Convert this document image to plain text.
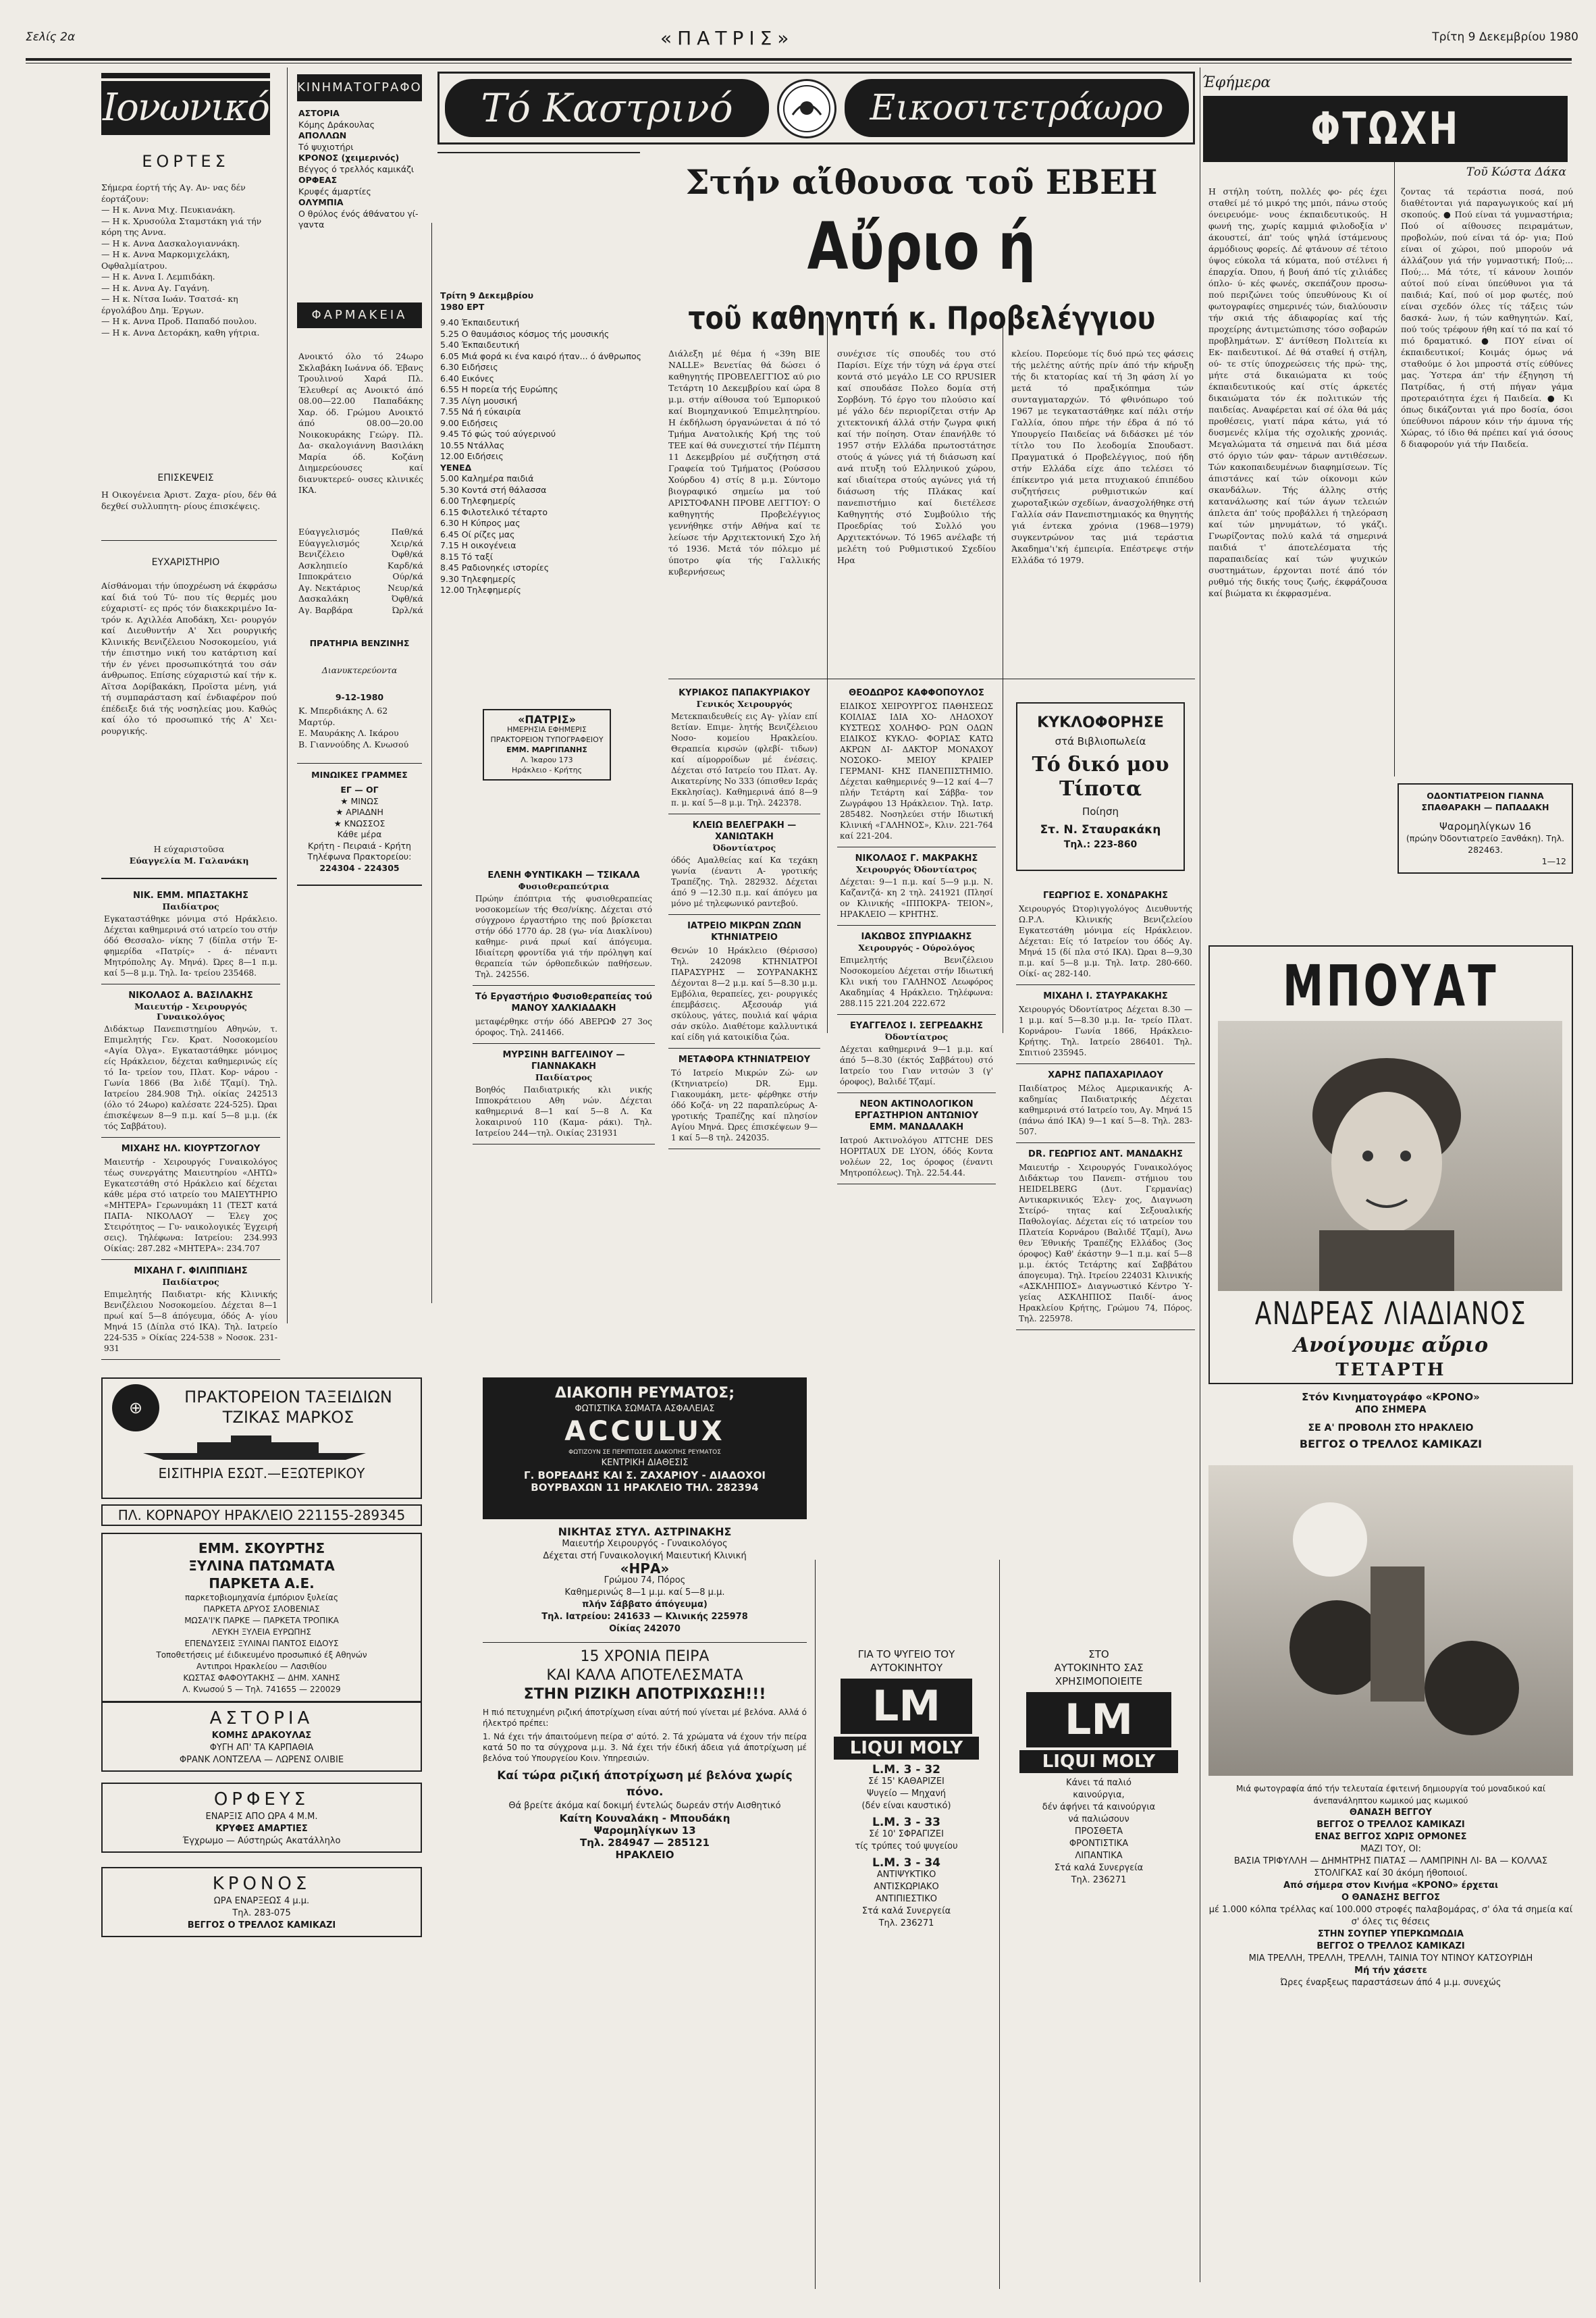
Σελίς 2α	«ΠΑΤΡΙΣ»	Τρίτη 9 Δεκεμβρίου 1980
Ιονωνικό
ΕΟΡΤΕΣ
Σήμερα έορτή τής Αγ. Αν- νας δέν έορτάζουν:
— Η κ. Αννα Μιχ. Πευκιανάκη.
— Η κ. Χρυσούλα Σταμστάκη γιά τήν κόρη της Αννα.
— Η κ. Αννα Δασκαλογιαννάκη.
— Η κ. Αννα Μαρκομιχελάκη, Οφθαλμίατρου.
— Η κ. Αννα Ι. Λεμπιδάκη.
— Η κ. Αννα Αγ. Γαγάνη.
— Η κ. Νίτσα Ιωάν. Τσατσά- κη έργολάβου Δημ. Έργων.
— Η κ. Αννα Προδ. Παπαδό πουλου.
— Η κ. Αννα Δετοράκη, καθη γήτρια.
ΕΠΙΣΚΕΨΕΙΣ
Η Οικογένεια Άριστ. Ζαχα- ρίου, δέν θά δεχθεί συλλυπητη- ρίους έπισκέψεις.
ΕΥΧΑΡΙΣΤΗΡΙΟ
Αίσθάνομαι τήν ύποχρέωση νά έκφράσω καί διά τού Τύ- που τίς θερμές μου εύχαριστί- ες πρός τόν διακεκριμένο Ια- τρόν κ. Αχιλλέα Αποδάκη, Χει- ρουργόν καί Διευθυντήν Α' Χει ρουργικής Κλινικής Βενιζέλειου Νοσοκομείου, γιά τήν έπιστημο νική του κατάρτιση καί τήν έν γένει προσωπικότητά του σάν άνθρωπος. Επίσης εύχαριστώ καί τήν κ. Αϊτσα Δορίβακάκη, Προϊστα μένη, γιά τή συμπαράσταση καί ένδιαφέρον πού έπέδειξε διά τής νοσηλείας μου. Καθώς καί όλο τό προσωπικό τής Α' Χει- ρουργικής.
Η εύχαριστοῦσα
Εύαγγελία Μ. Γαλανάκη
ΝΙΚ. ΕΜΜ. ΜΠΑΣΤΑΚΗΣ
Παιδίατρος
Εγκαταστάθηκε μόνιμα στό Ηράκλειο. Δέχεται καθημερινά στό ιατρείο του στήν όδό Θεσσαλο- νίκης 7 (δίπλα στήν Έ- φημερίδα «Πατρίς» - ά- πέναντι Μητρόπολης Αγ. Μηνά). Ώρες 8—1 π.μ. καί 5—8 μ.μ. Τηλ. Ια- τρείου 235468.
ΝΙΚΟΛΑΟΣ Α. ΒΑΣΙΛΑΚΗΣ
Μαιευτήρ - Χειρουργός Γυναικολόγος
Διδάκτωρ Πανεπιστημίου Αθηνών, τ. Επιμελητής Γεν. Κρατ. Νοσοκομείου «Αγία Όλγα». Εγκαταστάθηκε μόνιμος είς Ηράκλειον, δέχεται καθημερινώς είς τό Ια- τρείον του, Πλατ. Κορ- νάρου - Γωνία 1866 (Βα λιδέ Τζαμί). Τηλ. Ιατρείου 284.908 Τηλ. οίκίας 242513 (όλο τό 24ωρο) καλέσατε 224-525). Ώραι έπισκέψεων 8—9 π.μ. καί 5—8 μ.μ. (έκ τός Σαββάτου).
ΜΙΧΑΗΣ ΗΛ. ΚΙΟΥΡΤΖΟΓΛΟΥ
Μαιευτήρ - Χειρουργός Γυναικολόγος τέως συνεργάτης Μαιευτηρίου «ΛΗΤΩ» Εγκατεστάθη στό Ηράκλειο καί δέχεται κάθε μέρα στό ιατρείο του ΜΑΙΕΥΤΗΡΙΟ «ΜΗΤΕΡΑ» Γερωνυμάκη 11 (ΤΕΣΤ κατά ΠΑΠΑ- ΝΙΚΟΛΑΟΥ — Έλεγ χος Στειρότητος — Γυ- ναικολογικές Έγχειρή σεις). Τηλέφωνα: Ιατρείου: 234.993 Οίκίας: 287.282 «ΜΗΤΕΡΑ»: 234.707
ΜΙΧΑΗΛ Γ. ΦΙΛΙΠΠΙΔΗΣ
Παιδίατρος
Επιμελητής Παιδιατρι- κής Κλινικής Βενιζέλειου Νοσοκομείου. Δέχεται 8—1 πρωί καί 5—8 άπόγευμα, όδός Α- γίου Μηνά 15 (Δίπλα στό ΙΚΑ). Τηλ. Ιατρείο 224-535 » Οίκίας 224-538 » Νοσοκ. 231-931
ΚΙΝΗΜΑΤΟΓΡΑΦΟΙ
ΑΣΤΟΡΙΑ
Κόμης Δράκουλας
ΑΠΟΛΛΩΝ
Τό ψυχιοτήρι
ΚΡΟΝΟΣ (χειμερινός)
Βέγγος ό τρελλός καμικάζι
ΟΡΦΕΑΣ
Κρυφές άμαρτίες
ΟΛΥΜΠΙΑ
Ο θρύλος ένός άθάνατου γί- γαντα
ΦΑΡΜΑΚΕΙΑ
Ανοικτό όλο τό 24ωρο Σκλαβάκη Ιωάννα όδ. Έβανς Τρουλινού Χαρά Πλ. Έλευθερί ας Ανοικτό άπό 08.00—22.00 Παπαδάκης Χαρ. όδ. Γρώμου Ανοικτό άπό 08.00—20.00 Νοικοκυράκης Γεώργ. Πλ. Δα- σκαλογιάννη Βασιλάκη Μαρία όδ. Κοζάνη Διημερεύουσες καί διανυκτερεύ- ουσες κλινικές ΙΚΑ.
Εύαγγελισμός	Παθ/κά
Εύαγγελισμός	Χειρ/κά
Βενιζέλειο	Όφθ/κά
Ασκληπιείο	Καρδ/κά
Ιπποκράτειο	Ούρ/κά
Αγ. Νεκτάριος	Νευρ/κά
Δασκαλάκη	Όφθ/κά
Αγ. Βαρβάρα	Ώρλ/κά
ΠΡΑΤΗΡΙΑ ΒΕΝΖΙΝΗΣ
Διανυκτερεύοντα
9-12-1980
Κ. Μπερδιάκης Λ. 62 Μαρτύρ.
Ε. Μαυράκης Λ. Ικάρου
Β. Γιαννούδης Λ. Κνωσού
ΜΙΝΩΙΚΕΣ ΓΡΑΜΜΕΣ
ΕΓ — ΟΓ
★ ΜΙΝΩΣ
★ ΑΡΙΑΔΝΗ
★ ΚΝΩΣΣΟΣ
Κάθε μέρα
Κρήτη - Πειραιά - Κρήτη
Τηλέφωνα Πρακτορείου:
224304 - 224305
Τό Καστρινό	Εικοσιτετράωρο
Στήν αἴθουσα τοῦ ΕΒΕΗ
Αὔριο ή
τοῦ καθηγητή κ. Προβελέγγιου
Τρίτη 9 Δεκεμβρίου 1980 ΕΡΤ
9.40 Έκπαιδευτική
5.25 Ο θαυμάσιος κόσμος τής μουσικής
5.40 Έκπαιδευτική
6.05 Μιά φορά κι ένα καιρό ήταν... ό άνθρωπος
6.30 Ειδήσεις
6.40 Εικόνες
6.55 Η πορεία τής Ευρώπης
7.35 Λίγη μουσική
7.55 Νά ή εύκαιρία
9.00 Ειδήσεις
9.45 Τό φώς τού αύγερινού
10.55 Ντάλλας
12.00 Ειδήσεις
ΥΕΝΕΔ
5.00 Καλημέρα παιδιά
5.30 Κοντά στή θάλασσα
6.00 Τηλεφημερίς
6.15 Φιλοτελικό τέταρτο
6.30 Η Κύπρος μας
6.45 Οί ρίζες μας
7.15 Η οικογένεια
8.15 Τό ταξί
8.45 Ραδιονηκές ιστορίες
9.30 Τηλεφημερίς
12.00 Τηλεφημερίς
Διάλεξη μέ θέμα ή «39η ΒΙΕ ΝΑLLE» Βενετίας θά δώσει ό καθηγητής ΠΡΟΒΕΛΕΓΓΙΟΣ αύ ριο Τετάρτη 10 Δεκεμβρίου καί ώρα 8 μ.μ. στήν αίθουσα τού Έμπορικού καί Βιομηχανικού Έπιμελητηρίου. Η έκδήλωση όργανώνεται ά πό τό Τμήμα Ανατολικής Κρή της τού ΤΕΕ καί θά συνεχιστεί τήν Πέμπτη 11 Δεκεμβρίου μέ συζήτηση στά Γραφεία τού Τμήματος (Ρούσσου Χούρδου 4) στίς 8 μ.μ. Σύντομο βιογραφικό σημείω μα τού ΑΡΙΣΤΟΦΑΝΗ ΠΡΟΒΕ ΛΕΓΓΙΟΥ: Ο καθηγητής Προβελέγγιος γεννήθηκε στήν Αθήνα καί τε λείωσε τήν Αρχιτεκτονική Σχο λή τό 1936. Μετά τόν πόλεμο μέ ύποτρο φία τής Γαλλικής κυβερνήσεως
συνέχισε τίς σπουδές του στό Παρίσι. Είχε τήν τύχη νά έργα στεί κοντά στό μεγάλο LE CO RPUSIER καί σπουδάσε Πολεο δομία στή Σορβόνη. Τό έργο του πλούσιο καί μέ γάλο δέν περιορίζεται στήν Αρ χιτεκτονική άλλά στήν ζωγρα φική καί τήν ποίηση. Οταν έπανήλθε τό 1957 στήν Ελλάδα πρωτοστάτησε στούς ά γώνες γιά τή διάσωση καί ανά πτυξη τού Ελληνικού χώρου, καί ιδιαίτερα στούς αγώνες γιά τή διάσωση τής Πλάκας καί πανεπιστήμιο καί διετέλεσε Καθηγητής στό Συμβούλιο τής Προεδρίας τού Συλλό γου Αρχιτεκτόνων. Τό 1965 ανέλαβε τή μελέτη τού Ρυθμιστικού Σχεδίου Ηρα
κλείου. Πορεύομε τίς δυό πρώ τες φάσεις τής μελέτης αύτής πρίν άπό τήν κήρυξη τής δι κτατορίας καί τή 3η φάση λί γο μετά τό πραξικόπημα τών συνταγματαρχών. Τό φθινόπωρο τού 1967 με τεγκαταστάθηκε καί πάλι στήν Γαλλία, όπου πήρε τήν έδρα ά πό τό Υπουργείο Παιδείας νά διδάσκει μέ τόν τίτλο του Πο λεοδομία Σπουδαστ. Πραγματικά ό Προβελέγγιος, πού ήδη στήν Ελλάδα είχε άπο τελέσει τό έπίκεντρο γιά μετα πτυχιακού έπιπέδου συζητήσεις ρυθμιστικών καί χωροταξικών σχεδίων, άνασχολήθηκε στή Γαλλία σάν Πανεπιστημιακός κα θηγητής γιά έντεκα χρόνια (1968—1979) συγκεντρώνον τας μιά τεράστια Άκαδημα'ι'κή έμπειρία. Επέστρεψε στήν Ελλάδα τό 1979.
«ΠΑΤΡΙΣ»
ΗΜΕΡΗΣΙΑ ΕΦΗΜΕΡΙΣ
ΠΡΑΚΤΟΡΕΙΟΝ ΤΥΠΟΓΡΑΦΕΙΟΥ
ΕΜΜ. ΜΑΡΓΙΠΑΝΗΣ
Λ. Ίκαρου 173
Ηράκλειο - Κρήτης
ΚΥΡΙΑΚΟΣ ΠΑΠΑΚΥΡΙΑΚΟΥ
Γενικός Χειρουργός
Μετεκπαιδευθείς εις Αγ- γλίαν επί 8ετίαν. Επιμε- λητής Βενιζέλειου Νοσο- κομείου Ηρακλείου. Θεραπεία κιρσών (φλεβί- τιδων) καί αίμορροίδων μέ ένέσεις. Δέχεται στό Ιατρείο του Πλατ. Αγ. Αικατερίνης Νο 333 (όπισθεν Ιεράς Εκκλησίας). Καθημερινά άπό 8—9 π. μ. καί 5—8 μ.μ. Τηλ. 242378.
ΚΛΕΙΩ ΒΕΛΕΓΡΑΚΗ —ΧΑΝΙΩΤΑΚΗ
Όδοντίατρος
όδός Αμαλθείας καί Κα τεχάκη γωνία (έναντι Α- γροτικής Τραπέζης. Τηλ. 282932. Δέχεται άπό 9 —12.30 π.μ. καί άπόγευ μα μόνο μέ τηλεφωνικό ραντεβού.
ΙΑΤΡΕΙΟ ΜΙΚΡΩΝ ΖΩΩΝ ΚΤΗΝΙΑΤΡΕΙΟ
Θενών 10 Ηράκλειο (Θέρισσο) Τηλ. 242098 ΚΤΗΝΙΑΤΡΟΙ ΠΑΡΑΣΥΡΗΣ — ΣΟΥΡΑΝΑΚΗΣ Δέχονται 8—2 μ.μ. καί 5—8.30 μ.μ. Εμβόλια, θεραπείες, χει- ρουργικές έπεμβάσεις. Αξεσουάρ γιά σκύλους, γάτες, πουλιά καί ψάρια σάν σκύλο. Διαθέτομε καλλυντικά καί είδη γιά κατοικίδια ζώα.
ΜΕΤΑΦΟΡΑ ΚΤΗΝΙΑΤΡΕΙΟΥ
Τό Ιατρείο Μικρών Ζώ- ων (Κτηνιατρείο) DR. Εμμ. Γιακουμάκη, μετε- φέρθηκε στήν όδό Κοζά- νη 22 παραπλεύρως Α- γροτικής Τραπέζης καί πλησίον Αγίου Μηνά. Ώρες έπισκέψεων 9—1 καί 5—8 τηλ. 242035.
ΘΕΟΔΩΡΟΣ ΚΑΦΦΟΠΟΥΛΟΣ
ΕΙΔΙΚΟΣ ΧΕΙΡΟΥΡΓΟΣ ΠΑΘΗΣΕΩΣ ΚΟΙΛΙΑΣ ΙΔΙΑ ΧΟ- ΛΗΔΟΧΟΥ ΚΥΣΤΕΩΣ ΧΟΛΗΦΟ- ΡΩΝ ΟΔΩΝ ΕΙΔΙΚΟΣ ΚΥΚΛΟ- ΦΟΡΙΑΣ ΚΑΤΩ ΑΚΡΩΝ ΔΙ- ΔΑΚΤΟΡ ΜΟΝΑΧΟΥ ΝΟΣΟΚΟ- ΜΕΙΟΥ ΚΡΑΙΕΡ ΓΕΡΜΑΝΙ- ΚΗΣ ΠΑΝΕΠΙΣΤΗΜΙΟ. Δέχεται καθημερινές 9—12 καί 4—7 πλήν Τετάρτη καί Σάββα- τον Ζωγράφου 13 Ηράκλειον. Τηλ. Ιατρ. 285482. Νοσηλεύει στήν Ιδιωτική Κλινική «ΓΑΛΗΝΟΣ», Κλιν. 221-764 καί 221-204.
ΝΙΚΟΛΑΟΣ Γ. ΜΑΚΡΑΚΗΣ
Χειρουργός Όδοντίατρος
Δέχεται: 9—1 π.μ. καί 5—9 μ.μ. Ν. Καζαντζά- κη 2 τηλ. 241921 (Πλησί ον Κλινικής «ΙΠΠΟΚΡΑ- ΤΕΙΟΝ», ΗΡΑΚΛΕΙΟ — ΚΡΗΤΗΣ.
ΙΑΚΩΒΟΣ ΣΠΥΡΙΔΑΚΗΣ
Χειρουργός - Ούρολόγος
Επιμελητής Βενιζέλειου Νοσοκομείου Δέχεται στήν Ιδιωτική Κλι νική του ΓΑΛΗΝΟΣ Λεωφόρος Ακαδημίας 4 Ηράκλειο. Τηλέφωνα: 288.115 221.204 222.672
ΕΥΑΓΓΕΛΟΣ Ι. ΣΕΓΡΕΔΑΚΗΣ
Όδοντίατρος
Δέχεται καθημερινά 9—1 μ.μ. καί άπό 5—8.30 (έκτός Σαββάτου) στό Ιατρείο του Γιαν νιτσών 3 (γ' όροφος), Βαλιδέ Τζαμί.
ΝΕΟΝ ΑΚΤΙΝΟΛΟΓΙΚΟΝ ΕΡΓΑΣΤΗΡΙΟΝ ΑΝΤΩΝΙΟΥ ΕΜΜ. ΜΑΝΔΑΛΑΚΗ
Ιατρού Ακτινολόγου ATTCHE DES HOPITAUX DE LYON, όδός Κοντα νολέων 22, 1ος όροφος (έναντι Μητροπόλεως). Τηλ. 22.54.44.
ΕΛΕΝΗ ΦΥΝΤΙΚΑΚΗ — ΤΣΙΚΑΛΑ
Φυσιοθεραπεύτρια
Πρώην έπόπτρια τής φυσιοθεραπείας νοσοκομείων τής Θεσ/νίκης. Δέχεται στό σύγχρονο έργαστήριο της πού βρίσκεται στήν όδό 1770 άρ. 28 (γω- νία Διακλίνου) καθημε- ρινά πρωί καί άπόγευμα. Ιδιαίτερη φροντίδα γιά τήν πρόληψη καί θεραπεία τών όρθοπεδικών παθήσεων. Τηλ. 242556.
Τό Εργαστήριο Φυσιοθεραπείας τού ΜΑΝΟΥ ΧΑΛΚΙΑΔΑΚΗ
μεταφέρθηκε στήν όδό ΑΒΕΡΩΦ 27 3ος όροφος. Τηλ. 241466.
ΜΥΡΣΙΝΗ ΒΑΓΓΕΛΙΝΟΥ —ΓΙΑΝΝΑΚΑΚΗ
Παιδίατρος
Βοηθός Παιδιατρικής κλι νικής Ιπποκράτειου Αθη νών. Δέχεται καθημερινά 8—1 καί 5—8 Λ. Κα λοκαιρινού 110 (Καμα- ράκι). Τηλ. Ιατρείου 244—τηλ. Οικίας 231931
ΚΥΚΛΟΦΟΡΗΣΕ
στά Βιβλιοπωλεία
Τό δικό μου Τίποτα
Ποίηση
Στ. Ν. Σταυρακάκη
Τηλ.: 223-860
ΓΕΩΡΓΙΟΣ Ε. ΧΟΝΔΡΑΚΗΣ
Χειρουργός Ώτορ)ιγγολόγος Διευθυντής Ω.Ρ.Λ. Κλινικής Βενιζελείου Εγκατεστάθη μόνιμα είς Ηράκλειον. Δέχεται: Είς τό Ιατρείον του όδός Αγ. Μηνά 15 (δί πλα στό ΙΚΑ). Ώραι 8—9,30 π.μ. καί 5—8 μ.μ. Τηλ. Ιατρ. 280-660. Οίκί- ας 282-140.
ΜΙΧΑΗΛ Ι. ΣΤΑΥΡΑΚΑΚΗΣ
Χειρουργός Όδοντίατρος Δέχεται 8.30 — 1 μ.μ. καί 5—8.30 μ.μ. Ια- τρείο Πλατ. Κορνάρου- Γωνία 1866, Ηράκλειο- Κρήτης. Τηλ. Ιατρείο 286401. Τηλ. Σπιτιού 235945.
ΧΑΡΗΣ ΠΑΠΑΧΑΡΙΛΑΟΥ
Παιδίατρος Μέλος Αμερικανικής Α- καδημίας Παιδιατρικής Δέχεται καθημερινά στό Ιατρείο του, Αγ. Μηνά 15 (πάνω άπό ΙΚΑ) 9—1 καί 5—8. Τηλ. 283-507.
DR. ΓΕΩΡΓΙΟΣ ΑΝΤ. ΜΑΝΔΑΚΗΣ
Μαιευτήρ - Χειρουργός Γυναικολόγος Διδάκτωρ του Πανεπι- στήμιου του HEIDELBERG (Δυτ. Γερμανίας) Αντικαρκινικός Έλεγ- χος, Διαγνωση Στείρό- τητας καί Σεξουαλικής Παθολογίας. Δέχεται είς τό ιατρείον του Πλατεία Κορνάρου (Βαλιδέ Τζαμί), Άνω θεν Έθνικής Τραπέζης Ελλάδος (3ος όροφος) Καθ' έκάστην 9—1 π.μ. καί 5—8 μ.μ. έκτός Τετάρτης καί Σαββάτου άπογευμα). Τηλ. Ιτρείου 224031 Κλινικής «ΑΣΚΛΗΠΙΟΣ» Διαγνωστικό Κέντρο Ύ- γείας ΑΣΚΛΗΠΙΟΣ Παιδί- άνος Ηρακλείου Κρήτης, Γρώμου 74, Πόρος. Τηλ. 225978.
Έφήμερα
ΦΤΩΧΗ
Τοῦ Κώστα Δάκα
Η στήλη τούτη, πολλές φο- ρές έχει σταθεί μέ τό μικρό της μπόι, πάνω στούς όνειρευόμε- νους έκπαιδευτικούς. Η φωνή της, χωρίς καμμιά φιλοδοξία ν' άκουστεί, άπ' τούς ψηλά ίστάμενους άρμόδιους φορείς. Δέ φτάνουν σέ τέτοιο ύψος εύκολα τά κύματα, πού στέλνει ή έπαρχία. Όπου, ή βουή άπό τίς χιλιάδες όπλο- ύ- κές φωνές, σκεπάζουν προσω- πού περιζώνει τούς ύπευθύνους Κι οί φωτογραφίες σημερινές τών, διαλύουσιν τήν σκιά τής άδιαφορίας καί τής προχείρης άντιμετώπισης τόσο σοβαρών προβλημάτων. Σ' άντίθεση Πολιτεία κι Εκ- παιδευτικοί. Δέ θά σταθεί ή στήλη, ού- τε στίς ύποχρεώσεις τής πρώ- της, μήτε στά δικαιώματα κι τούς έκπαιδευτικούς καί στίς άρκετές δικαιώματα τόν έκ πολιτικών τής παιδείας. Αναφέρεται καί σέ όλα θά μάς προθέσεις, γιατί πάρα κάτω, γιά τό δυσμενές κλίμα τής σχολικής χρονιάς. Μεγαλώματα τά σημεινά παι διά μέσα στό όργιο τών φαν- τάρων αντιθέσεων. Τών κακοπαιδευμένων διαφημίσεων. Τίς άπιστάνες καί τών οίκονομι κών σκανδάλων. Τής άλλης στής κατανάλωσης καί τών άγων τελειών άπλετα άπ' τούς προβάλλει ή τηλεόραση καί τών μηνυμάτων, τό γκάζι. Γνωρίζοντας πολύ καλά τά σημερινά παιδιά τ' άποτελέσματα τής παραπαιδείας καί τών ψυχικών συστημάτων, έρχονται ποτέ άπό τόν ρυθμό τής δικής τους ζωής, έκφράζουσα καί βιώματα κι έκφρασμένα.
ζοντας τά τεράστια ποσά, πού διαθέτονται γιά παραγωγικούς καί μή σκοπούς. ● Πού είναι τά γυμναστήρια; Πού οί αίθουσες πειραμάτων, προβολών, πού είναι τά όρ- για; Πού είναι οί χώροι, πού μπορούν νά άλλάζουν γιά τήν γυμναστική; Πού;... Πού;... Μά τότε, τί κάνουν λοιπόν αύτοί πού είναι ύπεύθυνοι για τά παιδιά; Καί, πού οί μορ φωτές, πού είναι σχεδόν όλες τίς τάξεις τών δασκά- λων, ή τών καθηγητών. Καί, πού τούς τρέφουν ήθη καί τό πα καί τό πιό δραματικό. ● ΠΟΥ είναι οί έκπαιδευτικοί; Κοιμάς όμως νά σταθούμε ό λοι μπροστά στίς εύθύνες μας. Ύστερα άπ' τήν έξηγηση τή Πατρίδας, ή στή πήγαν γάμα προτεραιότητα έχει ή Παιδεία. ● Κι όπως δικάζονται γιά προ δοσία, όσοι ύπεύθυνοι πάρουν κόιν τήν άμυνα τής Χώρας, τό ίδιο θά πρέπει καί γιά όσους δ διαφορούν γιά τήν Παιδεία.
ΟΔΟΝΤΙΑΤΡΕΙΟΝ ΓΙΑΝΝΑ ΣΠΑΘΑΡΑΚΗ — ΠΑΠΑΔΑΚΗ
Ψαρομηλίγκων 16
(πρώην Όδοντιατρείο Ξανθάκη). Τηλ. 282463.
1—12
ΜΠΟΥΑΤ
ΑΝΔΡΕΑΣ ΛΙΑΔΙΑΝΟΣ
Ανοίγουμε αὔριο
ΤΕΤΑΡΤΗ
Στόν Κινηματογράφο «ΚΡΟΝΟ»
ΑΠΟ ΣΗΜΕΡΑ
ΣΕ Α' ΠΡΟΒΟΛΗ ΣΤΟ ΗΡΑΚΛΕΙΟ
ΒΕΓΓΟΣ Ο ΤΡΕΛΛΟΣ ΚΑΜΙΚΑΖΙ
Μιά φωτογραφία άπό τήν τελευταία έφιτεινή δημιουργία τού μοναδικού καί άνεπανάληπτου κωμικού μας κωμικού
ΘΑΝΑΣΗ ΒΕΓΓΟΥ
ΒΕΓΓΟΣ Ο ΤΡΕΛΛΟΣ ΚΑΜΙΚΑΖΙ
ΕΝΑΣ ΒΕΓΓΟΣ ΧΩΡΙΣ ΟΡΜΟΝΕΣ
ΜΑΖΙ ΤΟΥ, ΟΙ:
ΒΑΣΙΑ ΤΡΙΦΥΛΛΗ — ΔΗΜΗΤΡΗΣ ΠΙΑΤΑΣ — ΛΑΜΠΡΙΝΗ ΛΙ- ΒΑ — ΚΟΛΛΑΣ ΣΤΟΛΙΓΚΑΣ καί 30 άκόμη ήθοποιοί.
Από σήμερα στον Κινήμα «ΚΡΟΝΟ» έρχεται
Ο ΘΑΝΑΣΗΣ ΒΕΓΓΟΣ
μέ 1.000 κόλπα τρέλλας καί 100.000 στροφές παλαβομάρας, σ' όλα τά σημεία καί σ' όλες τις θέσεις
ΣΤΗΝ ΣΟΥΠΕΡ ΥΠΕΡΚΩΜΩΔΙΑ
ΒΕΓΓΟΣ Ο ΤΡΕΛΛΟΣ ΚΑΜΙΚΑΖΙ
ΜΙΑ ΤΡΕΛΛΗ, ΤΡΕΛΛΗ, ΤΡΕΛΛΗ, ΤΑΙΝΙΑ ΤΟΥ ΝΤΙΝΟΥ ΚΑΤΣΟΥΡΙΔΗ
Μή τήν χάσετε
Ώρες έναρξεως παραστάσεων άπό 4 μ.μ. συνεχώς
⊕
ΠΡΑΚΤΟΡΕΙΟΝ ΤΑΞΕΙΔΙΩΝ ΤΖΙΚΑΣ ΜΑΡΚΟΣ
ΕΙΣΙΤΗΡΙΑ ΕΣΩΤ.—ΕΞΩΤΕΡΙΚΟΥ
ΠΛ. ΚΟΡΝΑΡΟΥ ΗΡΑΚΛΕΙΟ 221155-289345
ΕΜΜ. ΣΚΟΥΡΤΗΣ
ΞΥΛΙΝΑ ΠΑΤΩΜΑΤΑ
ΠΑΡΚΕΤΑ Α.Ε.
παρκετοβιομηχανία έμπόριον ξυλείας
ΠΑΡΚΕΤΑ ΔΡΥΟΣ ΣΛΟΒΕΝΙΑΣ
ΜΩΣΑ'Ι'Κ ΠΑΡΚΕ — ΠΑΡΚΕΤΑ ΤΡΟΠΙΚΑ
ΛΕΥΚΗ ΞΥΛΕΙΑ ΕΥΡΩΠΗΣ
ΕΠΕΝΔΥΣΕΙΣ ΞΥΛΙΝΑΙ ΠΑΝΤΟΣ ΕΙΔΟΥΣ
Τοποθετήσεις μέ έιδικευμένο προσωπικό έξ Αθηνών
Αντιπροι Ηρακλείου — Λασιθίου
ΚΩΣΤΑΣ ΦΑΦΟΥΤΑΚΗΣ — ΔΗΜ. ΧΑΝΗΣ
Λ. Κνωσού 5 — Τηλ. 741655 — 220029
ΑΣΤΟΡΙΑ
ΚΟΜΗΣ ΔΡΑΚΟΥΛΑΣ
ΦΥΓΗ ΑΠ' ΤΑ ΚΑΡΠΑΘΙΑ
ΦΡΑΝΚ ΛΟΝΤΖΕΛΑ — ΛΩΡΕΝΣ ΟΛΙΒΙΕ
ΟΡΦΕΥΣ
ΕΝΑΡΞΙΣ ΑΠΟ ΩΡΑ 4 Μ.Μ.
ΚΡΥΦΕΣ ΑΜΑΡΤΙΕΣ
Έγχρωμο — Αύστηρώς Ακατάλληλο
ΚΡΟΝΟΣ
ΩΡΑ ΕΝΑΡΞΕΩΣ 4 μ.μ.
Τηλ. 283-075
ΒΕΓΓΟΣ Ο ΤΡΕΛΛΟΣ ΚΑΜΙΚΑΖΙ
ΔΙΑΚΟΠΗ ΡΕΥΜΑΤΟΣ;
ΦΩΤΙΣΤΙΚΑ ΣΩΜΑΤΑ ΑΣΦΑΛΕΙΑΣ
ACCULUX
ΦΩΤΙΖΟΥΝ ΣΕ ΠΕΡΙΠΤΩΣΕΙΣ ΔΙΑΚΟΠΗΣ ΡΕΥΜΑΤΟΣ
ΚΕΝΤΡΙΚΗ ΔΙΑΘΕΣΙΣ
Γ. ΒΟΡΕΑΔΗΣ ΚΑΙ Σ. ΖΑΧΑΡΙΟΥ - ΔΙΑΔΟΧΟΙ
ΒΟΥΡΒΑΧΩΝ 11 ΗΡΑΚΛΕΙΟ ΤΗΛ. 282394
ΝΙΚΗΤΑΣ ΣΤΥΛ. ΑΣΤΡΙΝΑΚΗΣ
Μαιευτήρ Χειρουργός - Γυναικολόγος
Δέχεται στή Γυναικολογική Μαιευτική Κλινική
«ΗΡΑ»
Γρώμου 74, Πόρος
Καθημερινώς 8—1 μ.μ. καί 5—8 μ.μ.
πλήν Σάββατο άπόγευμα)
Τηλ. Ιατρείου: 241633 — Κλινικής 225978
Οίκίας 242070
15 ΧΡΟΝΙΑ ΠΕΙΡΑ
ΚΑΙ ΚΑΛΑ ΑΠΟΤΕΛΕΣΜΑΤΑ
ΣΤΗΝ ΡΙΖΙΚΗ ΑΠΟΤΡΙΧΩΣΗ!!!
Η πιό πετυχημένη ριζική άποτρίχωση είναι αύτή πού γίνεται μέ βελόνα. Αλλά ό ήλεκτρό πρέπει:
1. Νά έχει τήν άπαιτούμενη πείρα σ' αύτό. 2. Τά χρώματα νά έχουν τήν πείρα κατά 50 πο τα σύγχρονα μ.μ. 3. Νά έχει τήν έδική άδεια γιά άποτρίχωση μέ βελόνα τού Υπουργείου Κοιν. Υπηρεσιών.
Καί τώρα ριζική άποτρίχωση μέ βελόνα χωρίς πόνο.
Θά βρείτε άκόμα καί δοκιμή έντελώς δωρεάν στήν Αισθητικό
Καίτη Κουναλάκη - Μπουδάκη
Ψαρομηλίγκων 13
Τηλ. 284947 — 285121
ΗΡΑΚΛΕΙΟ
ΓΙΑ ΤΟ ΨΥΓΕΙΟ ΤΟΥ ΑΥΤΟΚΙΝΗΤΟΥ
LM
LIQUI MOLY
L.M. 3 - 32
Σέ 15' ΚΑΘΑΡΙΖΕΙ
Ψυγείο — Μηχανή
(δέν είναι καυστικό)
L.M. 3 - 33
Σέ 10' ΣΦΡΑΓΙΖΕΙ
τίς τρύπες τού ψυγείου
L.M. 3 - 34
ΑΝΤΙΨΥΚΤΙΚΟ
ΑΝΤΙΣΚΩΡΙΑΚΟ
ΑΝΤΙΠΙΕΣΤΙΚΟ
Στά καλά Συνεργεία
Τηλ. 236271
ΣΤΟ
ΑΥΤΟΚΙΝΗΤΟ ΣΑΣ
ΧΡΗΣΙΜΟΠΟΙΕΙΤΕ
LM
LIQUI MOLY
Κάνει τά παλιό
καινούργια,
δέν άφήνει τά καινούργια
νά παλιώσουν
ΠΡΟΣΘΕΤΑ
ΦΡΟΝΤΙΣΤΙΚΑ
ΛΙΠΑΝΤΙΚΑ
Στά καλά Συνεργεία
Τηλ. 236271
